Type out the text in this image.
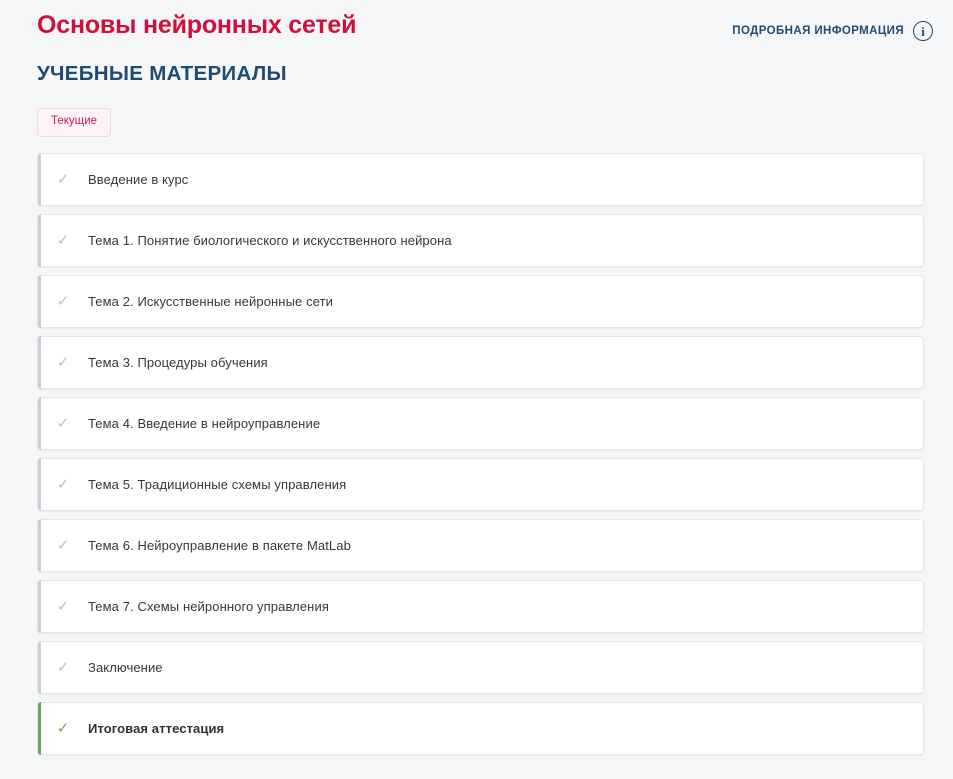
Основы нейронных сетей	ПОДРОБНАЯ ИНФОРМАЦИЯ	i
УЧЕБНЫЕ МАТЕРИАЛЫ
Текущие
✓ Введение в курс
✓ Тема 1. Понятие биологического и искусственного нейрона
✓ Тема 2. Искусственные нейронные сети
✓ Тема 3. Процедуры обучения
✓ Тема 4. Введение в нейроуправление
✓ Тема 5. Традиционные схемы управления
✓ Тема 6. Нейроуправление в пакете MatLab
✓ Тема 7. Схемы нейронного управления
✓ Заключение
✓ Итоговая аттестация
